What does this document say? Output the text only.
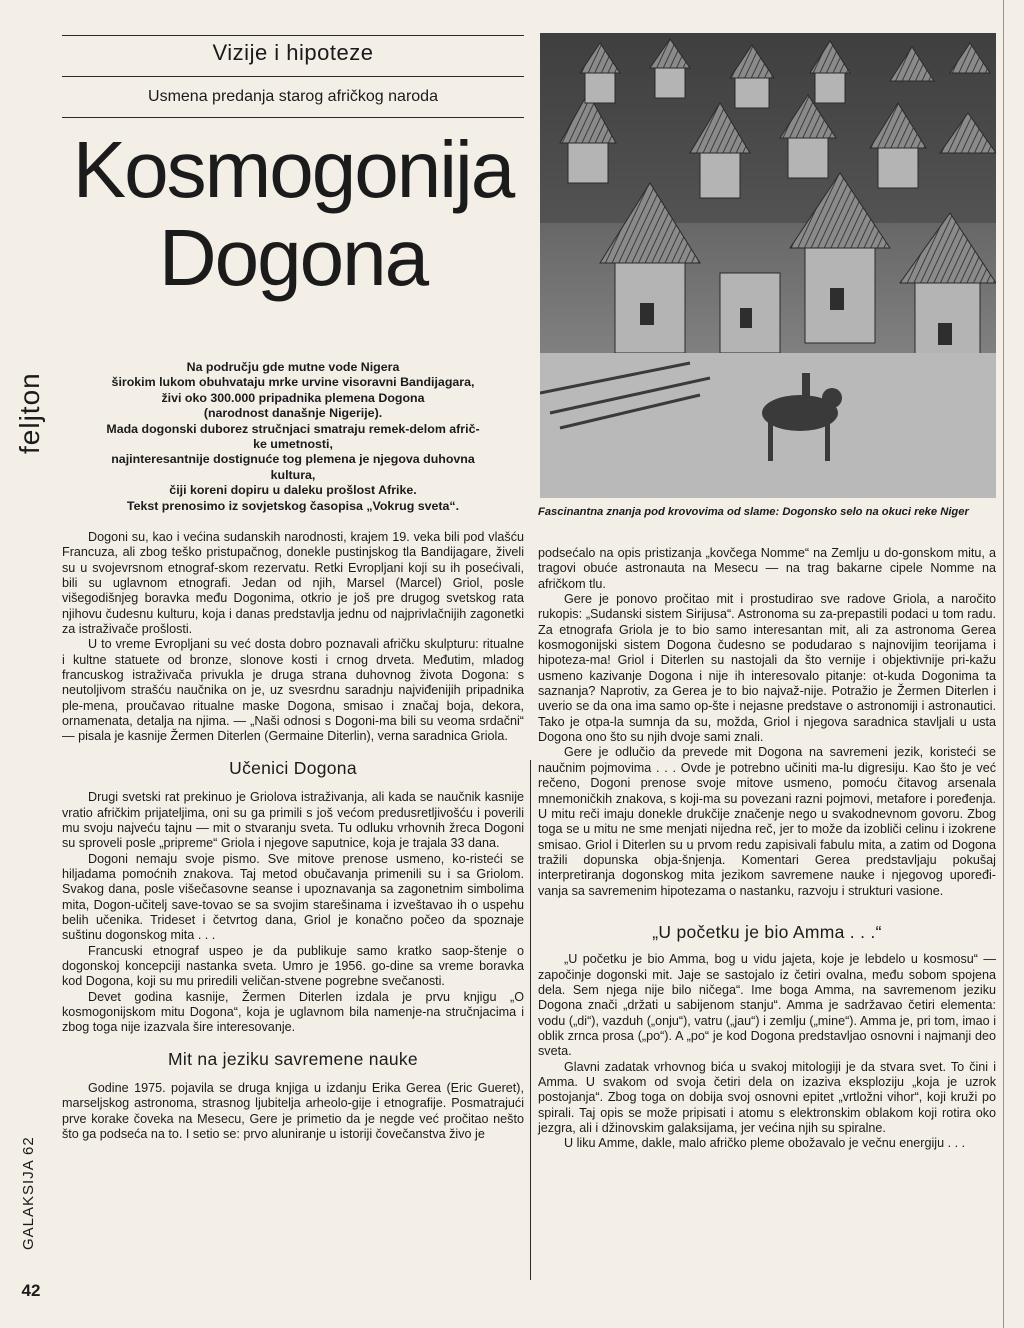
feljton
GALAKSIJA 62
42
Vizije i hipoteze
Usmena predanja starog afričkog naroda
Kosmogonija
Dogona
Na području gde mutne vode Nigera
širokim lukom obuhvataju mrke urvine visoravni Bandijagara,
živi oko 300.000 pripadnika plemena Dogona
(narodnost današnje Nigerije).
Mada dogonski duborez stručnjaci smatraju remek-delom afrič-
ke umetnosti,
najinteresantnije dostignuće tog plemena je njegova duhovna
kultura,
čiji koreni dopiru u daleku prošlost Afrike.
Tekst prenosimo iz sovjetskog časopisa „Vokrug sveta“.	Fascinantna znanja pod krovovima od slame: Dogonsko selo na okuci reke Niger

Dogoni su, kao i većina sudanskih narodnosti, krajem 19. veka bili pod vlašću Francuza, ali zbog teško pristupačnog, donekle pustinjskog tla Bandijagare, živeli su u svojevrsnom etnograf-skom rezervatu. Retki Evropljani koji su ih posećivali, bili su uglavnom etnografi. Jedan od njih, Marsel (Marcel) Griol, posle višegodišnjeg boravka među Dogonima, otkrio je još pre drugog svetskog rata njihovu čudesnu kulturu, koja i danas predstavlja jednu od najprivlačnijih zagonetki za istraživače prošlosti.

U to vreme Evropljani su već dosta dobro poznavali afričku skulpturu: ritualne i kultne statuete od bronze, slonove kosti i crnog drveta. Međutim, mladog francuskog istraživača privukla je druga strana duhovnog života Dogona: s neutoljivom strašću naučnika on je, uz svesrdnu saradnju najviđenijih pripadnika ple-mena, proučavao ritualne maske Dogona, smisao i značaj boja, dekora, ornamenata, detalja na njima. — „Naši odnosi s Dogoni-ma bili su veoma srdačni“ — pisala je kasnije Žermen Diterlen (Germaine Diterlin), verna saradnica Griola.

Učenici Dogona

Drugi svetski rat prekinuo je Griolova istraživanja, ali kada se naučnik kasnije vratio afričkim prijateljima, oni su ga primili s još većom predusretljivošću i poverili mu svoju najveću tajnu — mit o stvaranju sveta. Tu odluku vrhovnih žreca Dogoni su sproveli posle „pripreme“ Griola i njegove saputnice, koja je trajala 33 dana.

Dogoni nemaju svoje pismo. Sve mitove prenose usmeno, ko-risteći se hiljadama pomoćnih znakova. Taj metod obučavanja primenili su i sa Griolom. Svakog dana, posle višečasovne seanse i upoznavanja sa zagonetnim simbolima mita, Dogon-učitelj save-tovao se sa svojim starešinama i izveštavao ih o uspehu belih učenika. Trideset i četvrtog dana, Griol je konačno počeo da spoznaje suštinu dogonskog mita . . .

Francuski etnograf uspeo je da publikuje samo kratko saop-štenje o dogonskoj koncepciji nastanka sveta. Umro je 1956. go-dine sa vreme boravka kod Dogona, koji su mu priredili veličan-stvene pogrebne svečanosti.

Devet godina kasnije, Žermen Diterlen izdala je prvu knjigu „O kosmogonijskom mitu Dogona“, koja je uglavnom bila namenje-na stručnjacima i zbog toga nije izazvala šire interesovanje.

Mit na jeziku savremene nauke

Godine 1975. pojavila se druga knjiga u izdanju Erika Gerea (Eric Gueret), marseljskog astronoma, strasnog ljubitelja arheolo-gije i etnografije. Posmatrajući prve korake čoveka na Mesecu, Gere je primetio da je negde već pročitao nešto što ga podseća na to. I setio se: prvo aluniranje u istoriji čovečanstva živo je

podsećalo na opis pristizanja „kovčega Nomme“ na Zemlju u do-gonskom mitu, a tragovi obuće astronauta na Mesecu — na trag bakarne cipele Nomme na afričkom tlu.

Gere je ponovo pročitao mit i prostudirao sve radove Griola, a naročito rukopis: „Sudanski sistem Sirijusa“. Astronoma su za-prepastili podaci u tom radu. Za etnografa Griola je to bio samo interesantan mit, ali za astronoma Gerea kosmogonijski sistem Dogona čudesno se podudarao s najnovijim teorijama i hipoteza-ma! Griol i Diterlen su nastojali da što vernije i objektivnije pri-kažu usmeno kazivanje Dogona i nije ih interesovalo pitanje: ot-kuda Dogonima ta saznanja? Naprotiv, za Gerea je to bio najvaž-nije. Potražio je Žermen Diterlen i uverio se da ona ima samo op-šte i nejasne predstave o astronomiji i astronautici. Tako je otpa-la sumnja da su, možda, Griol i njegova saradnica stavljali u usta Dogona ono što su njih dvoje sami znali.

Gere je odlučio da prevede mit Dogona na savremeni jezik, koristeći se naučnim pojmovima . . . Ovde je potrebno učiniti ma-lu digresiju. Kao što je već rečeno, Dogoni prenose svoje mitove usmeno, pomoću čitavog arsenala mnemoničkih znakova, s koji-ma su povezani razni pojmovi, metafore i poređenja. U mitu reči imaju donekle drukčije značenje nego u svakodnevnom govoru. Zbog toga se u mitu ne sme menjati nijedna reč, jer to može da izobliči celinu i izokrene smisao. Griol i Diterlen su u prvom redu zapisivali fabulu mita, a zatim od Dogona tražili dopunska obja-šnjenja. Komentari Gerea predstavljaju pokušaj interpretiranja dogonskog mita jezikom savremene nauke i njegovog upoređi-vanja sa savremenim hipotezama o nastanku, razvoju i strukturi vasione.

„U početku je bio Amma . . .“

„U početku je bio Amma, bog u vidu jajeta, koje je lebdelo u kosmosu“ — započinje dogonski mit. Jaje se sastojalo iz četiri ovalna, među sobom spojena dela. Sem njega nije bilo ničega“. Ime boga Amma, na savremenom jeziku Dogona znači „držati u sabijenom stanju“. Amma je sadržavao četiri elementa: vodu („di“), vazduh („onju“), vatru („jau“) i zemlju („mine“). Amma je, pri tom, imao i oblik zrnca prosa („po“). A „po“ je kod Dogona predstavljao osnovni i najmanji deo sveta.

Glavni zadatak vrhovnog bića u svakoj mitologiji je da stvara svet. To čini i Amma. U svakom od svoja četiri dela on izaziva eksploziju „koja je uzrok postojanja“. Zbog toga on dobija svoj osnovni epitet „vrtložni vihor“, koji kruži po spirali. Taj opis se može pripisati i atomu s elektronskim oblakom koji rotira oko jezgra, ali i džinovskim galaksijama, jer većina njih su spiralne.

U liku Amme, dakle, malo afričko pleme obožavalo je večnu energiju . . .
